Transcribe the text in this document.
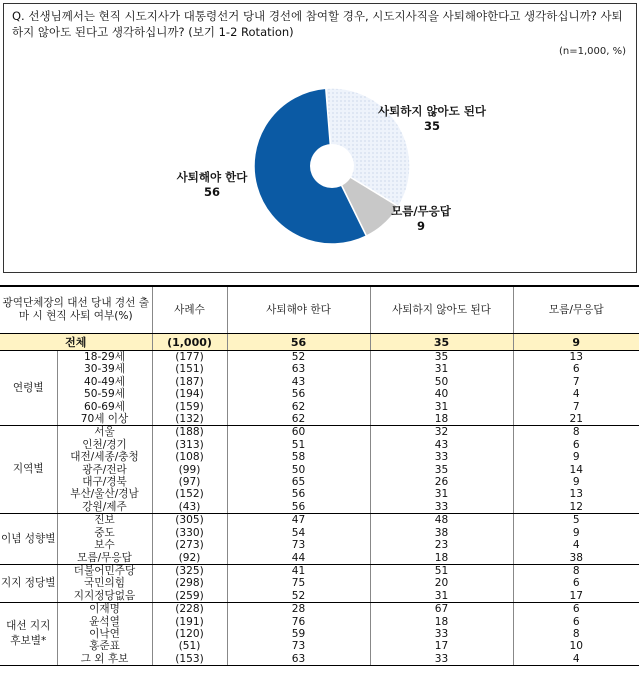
Q. 선생님께서는 현직 시도지사가 대통령선거 당내 경선에 참여할 경우, 시도지사직을 사퇴해야한다고 생각하십니까? 사퇴하지 않아도 된다고 생각하십니까? (보기 1-2 Rotation)
(n=1,000, %)
사퇴하지 않아도 된다
35
사퇴해야 한다
56
모름/무응답
9
광역단체장의 대선 당내 경선 출마 시 현직 사퇴 여부(%)		사례수	사퇴해야 한다	사퇴하지 않아도 된다	모름/무응답
전체		(1,000)	56	35	9
연령별	18-29세	(177)	52	35	13
	30-39세	(151)	63	31	6
	40-49세	(187)	43	50	7
	50-59세	(194)	56	40	4
	60-69세	(159)	62	31	7
	70세 이상	(132)	62	18	21
지역별	서울	(188)	60	32	8
	인천/경기	(313)	51	43	6
	대전/세종/충청	(108)	58	33	9
	광주/전라	(99)	50	35	14
	대구/경북	(97)	65	26	9
	부산/울산/경남	(152)	56	31	13
	강원/제주	(43)	56	33	12
이념 성향별	진보	(305)	47	48	5
	중도	(330)	54	38	9
	보수	(273)	73	23	4
	모름/무응답	(92)	44	18	38
지지 정당별	더불어민주당	(325)	41	51	8
	국민의힘	(298)	75	20	6
	지지정당없음	(259)	52	31	17
대선 지지 후보별*	이재명	(228)	28	67	6
	윤석열	(191)	76	18	6
	이낙연	(120)	59	33	8
	홍준표	(51)	73	17	10
	그 외 후보	(153)	63	33	4
